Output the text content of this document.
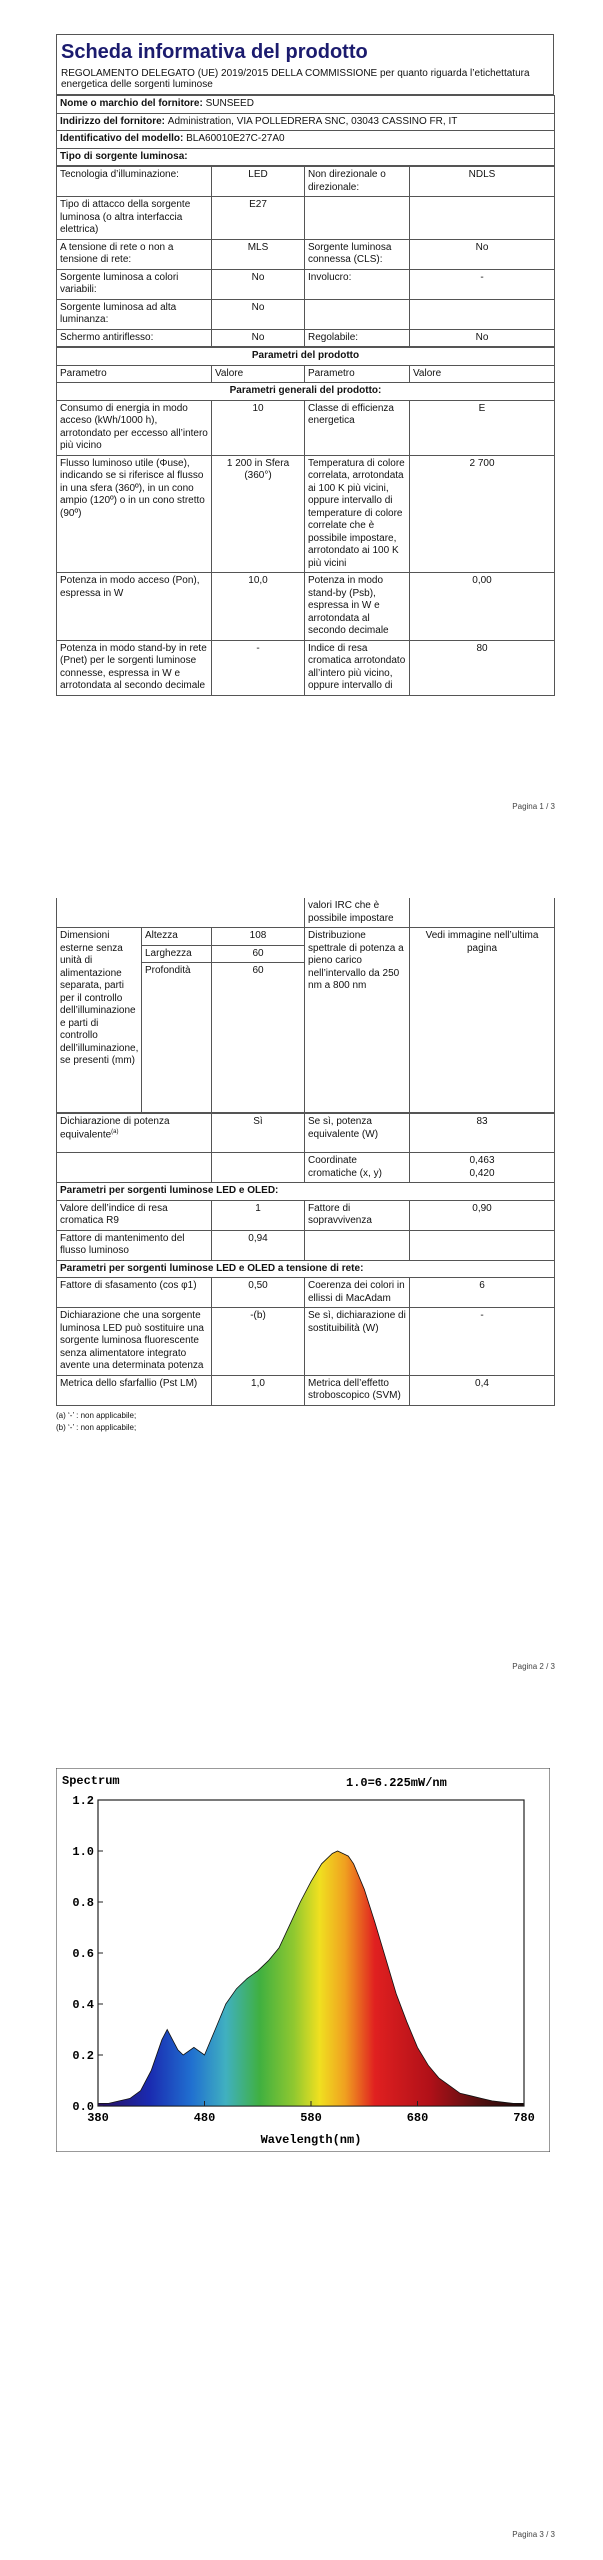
Scheda informativa del prodotto
REGOLAMENTO DELEGATO (UE) 2019/2015 DELLA COMMISSIONE per quanto riguarda l’etichettatura energetica delle sorgenti luminose
Nome o marchio del fornitore: SUNSEED
Indirizzo del fornitore: Administration, VIA POLLEDRERA SNC, 03043 CASSINO FR, IT
Identificativo del modello: BLA60010E27C-27A0
Tipo di sorgente luminosa:
Tecnologia d’illuminazione:	LED	Non direzionale o direzionale:	NDLS
Tipo di attacco della sorgente luminosa (o altra interfaccia elettrica)	E27		
A tensione di rete o non a tensione di rete:	MLS	Sorgente luminosa connessa (CLS):	No
Sorgente luminosa a colori variabili:	No	Involucro:	-
Sorgente luminosa ad alta luminanza:	No		
Schermo antiriflesso:	No	Regolabile:	No
Parametri del prodotto			
Parametro	Valore	Parametro	Valore
Parametri generali del prodotto:			
Consumo di energia in modo acceso (kWh/1000 h), arrotondato per eccesso all’intero più vicino	10	Classe di efficienza energetica	E
Flusso luminoso utile (Φuse), indicando se si riferisce al flusso in una sfera (360º), in un cono ampio (120º) o in un cono stretto (90º)	1 200 in Sfera (360°)	Temperatura di colore correlata, arrotondata ai 100 K più vicini, oppure intervallo di temperature di colore correlate che è possibile impostare, arrotondato ai 100 K più vicini	2 700
Potenza in modo acceso (Pon), espressa in W	10,0	Potenza in modo stand-by (Psb), espressa in W e arrotondata al secondo decimale	0,00
Potenza in modo stand-by in rete (Pnet) per le sorgenti luminose connesse, espressa in W e arrotondata al secondo decimale	-	Indice di resa cromatica arrotondato all’intero più vicino, oppure intervallo di	80
Pagina 1 / 3
			valori IRC che è possibile impostare	
Dimensioni esterne senza unità di alimentazione separata, parti per il controllo dell’illuminazione e parti di controllo dell’illuminazione, se presenti (mm)	Altezza	108	Distribuzione spettrale di potenza a pieno carico nell’intervallo da 250 nm a 800 nm	Vedi immagine nell’ultima pagina
	Larghezza	60		
	Profondità	60		
Dichiarazione di potenza equivalente$^{(a)}$	Sì	Se sì, potenza equivalente (W)	83
		Coordinate cromatiche (x, y)	0,463
0,420

Parametri per sorgenti luminose LED e OLED:			
Valore dell’indice di resa cromatica R9	1	Fattore di sopravvivenza	0,90
Fattore di mantenimento del flusso luminoso	0,94		
Parametri per sorgenti luminose LED e OLED a tensione di rete:			
Fattore di sfasamento (cos φ1)	0,50	Coerenza dei colori in ellissi di MacAdam	6
Dichiarazione che una sorgente luminosa LED può sostituire una sorgente luminosa fluorescente senza alimentatore integrato avente una determinata potenza	-(b)	Se sì, dichiarazione di sostituibilità (W)	-
Metrica dello sfarfallio (Pst LM)	1,0	Metrica dell’effetto stroboscopico (SVM)	0,4
(a) ‘-’ : non applicabile;
(b) ‘-’ : non applicabile;
Pagina 2 / 3
0.0
0.2
0.4
0.6
0.8
1.0
1.2
380	480	580	680	780
Spectrum	1.0=6.225mW/nm
Wavelength(nm)
Pagina 3 / 3
